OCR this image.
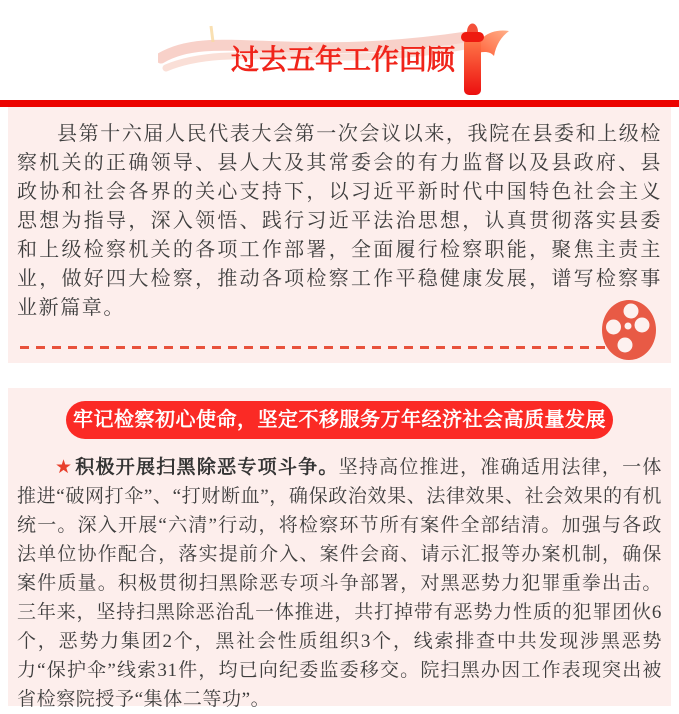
过去五年工作回顾

县第十六届人民代表大会第一次会议以来，我院在县委和上级检察机关的正确领导、县人大及其常委会的有力监督以及县政府、县政协和社会各界的关心支持下，以习近平新时代中国特色社会主义思想为指导，深入领悟、践行习近平法治思想，认真贯彻落实县委和上级检察机关的各项工作部署，全面履行检察职能，聚焦主责主业，做好四大检察，推动各项检察工作平稳健康发展，谱写检察事业新篇章。

牢记检察初心使命，坚定不移服务万年经济社会高质量发展

★ 积极开展扫黑除恶专项斗争。坚持高位推进，准确适用法律，一体推进“破网打伞”、“打财断血”，确保政治效果、法律效果、社会效果的有机统一。深入开展“六清”行动，将检察环节所有案件全部结清。加强与各政法单位协作配合，落实提前介入、案件会商、请示汇报等办案机制，确保案件质量。积极贯彻扫黑除恶专项斗争部署，对黑恶势力犯罪重拳出击。三年来，坚持扫黑除恶治乱一体推进，共打掉带有恶势力性质的犯罪团伙6个，恶势力集团2个，黑社会性质组织3个，线索排查中共发现涉黑恶势力“保护伞”线索31件，均已向纪委监委移交。院扫黑办因工作表现突出被省检察院授予“集体二等功”。
